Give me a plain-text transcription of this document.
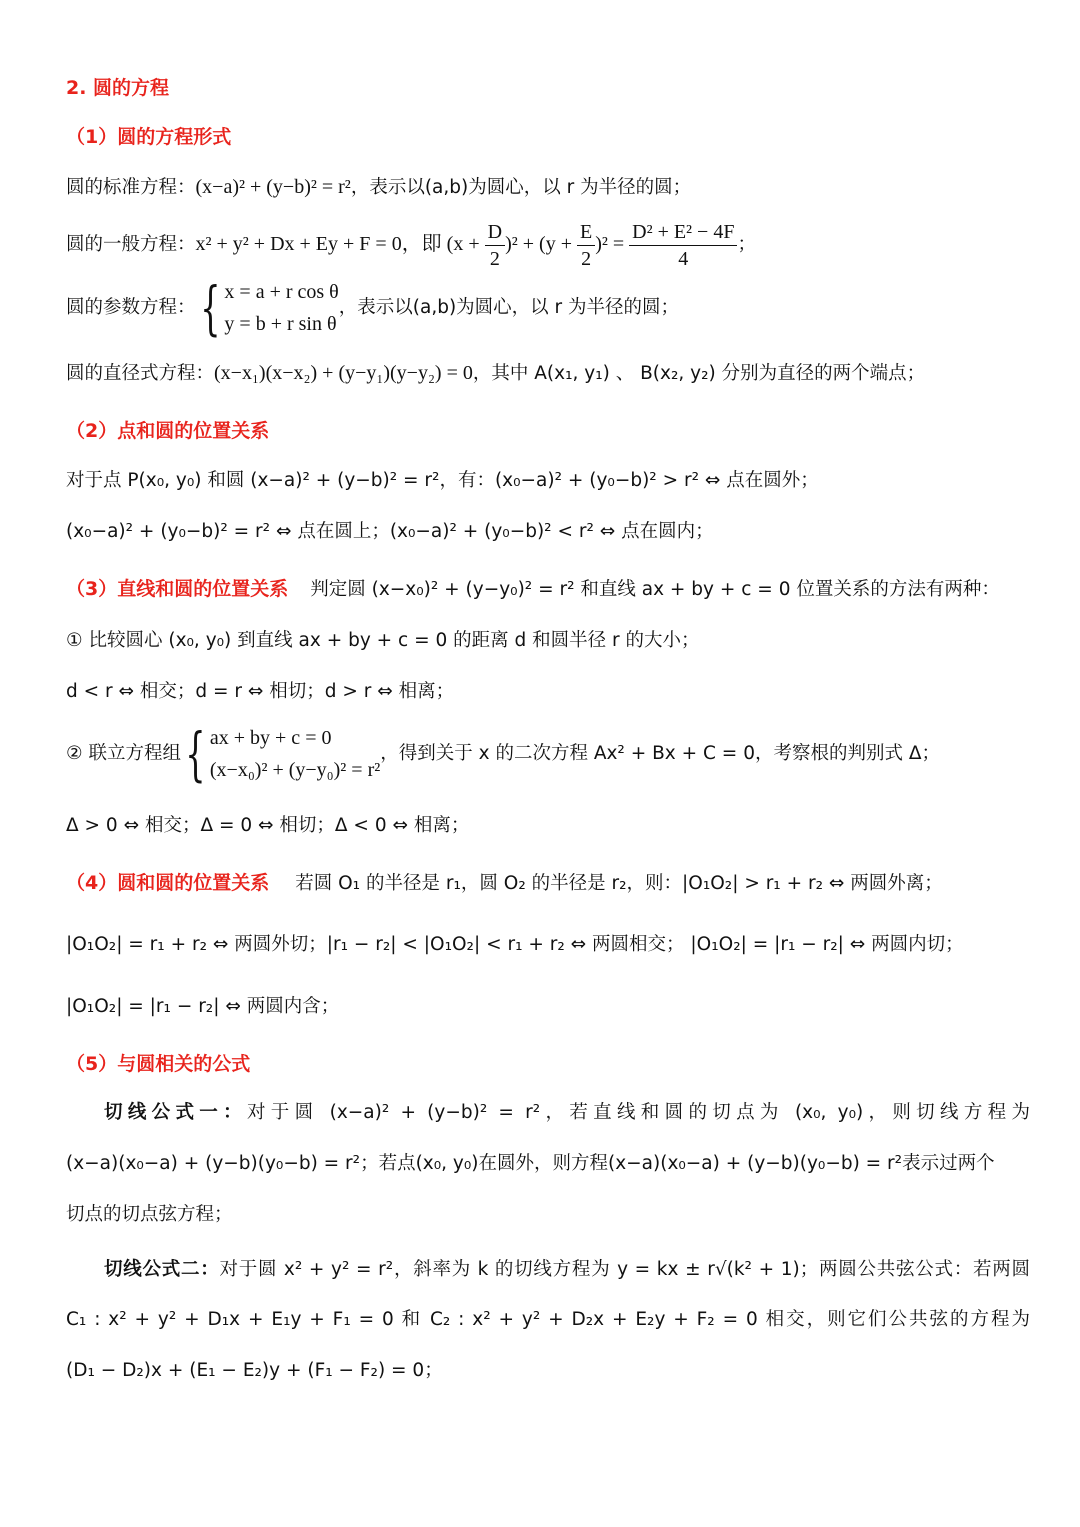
2. 圆的方程
（1）圆的方程形式
圆的标准方程：(x−a)² + (y−b)² = r²，表示以(a,b)为圆心，以 r 为半径的圆；
圆的一般方程：x² + y² + Dx + Ey + F = 0，即 $(x + \frac{D}{2} )^2 + (y + \frac{E}{2} )^2 = \frac{\text{D² + E² − 4F}}{4}$ ；
圆的参数方程：{ x = a + r cos θ
y = b + r sin θ
，表示以(a,b)为圆心，以 r 为半径的圆；
圆的直径式方程：(x−x₁)(x−x₂) + (y−y₁)(y−y₂) = 0，其中 A(x₁, y₁) 、 B(x₂, y₂) 分别为直径的两个端点；
（2）点和圆的位置关系
对于点 P(x₀, y₀) 和圆 (x−a)² + (y−b)² = r²，有：(x₀−a)² + (y₀−b)² > r² ⇔ 点在圆外；
(x₀−a)² + (y₀−b)² = r² ⇔ 点在圆上；(x₀−a)² + (y₀−b)² < r² ⇔ 点在圆内；
（3）直线和圆的位置关系 判定圆 (x−x₀)² + (y−y₀)² = r² 和直线 ax + by + c = 0 位置关系的方法有两种：
① 比较圆心 (x₀, y₀) 到直线 ax + by + c = 0 的距离 d 和圆半径 r 的大小；
d < r ⇔ 相交；d = r ⇔ 相切；d > r ⇔ 相离；
② 联立方程组{ ax + by + c = 0
(x−x₀)² + (y−y₀)² = r²
，得到关于 x 的二次方程 Ax² + Bx + C = 0，考察根的判别式 Δ；
Δ > 0 ⇔ 相交；Δ = 0 ⇔ 相切；Δ < 0 ⇔ 相离；
（4）圆和圆的位置关系 若圆 O₁ 的半径是 r₁，圆 O₂ 的半径是 r₂，则：|O₁O₂| > r₁ + r₂ ⇔ 两圆外离；
|O₁O₂| = r₁ + r₂ ⇔ 两圆外切；|r₁ − r₂| < |O₁O₂| < r₁ + r₂ ⇔ 两圆相交； |O₁O₂| = |r₁ − r₂| ⇔ 两圆内切；
|O₁O₂| = |r₁ − r₂| ⇔ 两圆内含；
（5）与圆相关的公式
切线公式一：对于圆 (x−a)² + (y−b)² = r²，若直线和圆的切点为 (x₀, y₀)，则切线方程为
(x−a)(x₀−a) + (y−b)(y₀−b) = r²；若点(x₀, y₀)在圆外，则方程(x−a)(x₀−a) + (y−b)(y₀−b) = r²表示过两个
切点的切点弦方程；
切线公式二：对于圆 x² + y² = r²，斜率为 k 的切线方程为 y = kx ± r√(k² + 1)；两圆公共弦公式：若两圆
C₁ : x² + y² + D₁x + E₁y + F₁ = 0 和 C₂ : x² + y² + D₂x + E₂y + F₂ = 0 相交，则它们公共弦的方程为
(D₁ − D₂)x + (E₁ − E₂)y + (F₁ − F₂) = 0；
